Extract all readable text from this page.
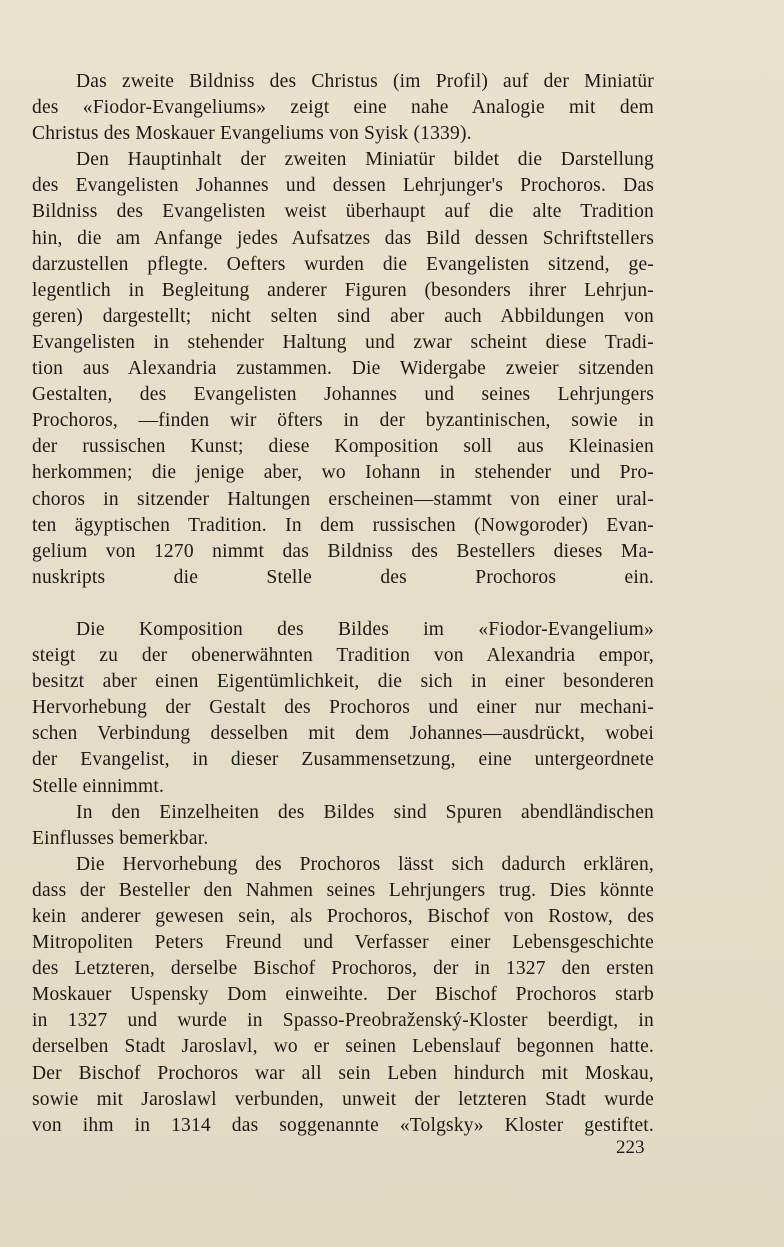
Das zweite Bildniss des Christus (im Profil) auf der Miniatür
des «Fiodor-Evangeliums» zeigt eine nahe Analogie mit dem
Christus des Moskauer Evangeliums von Syisk (1339).
Den Hauptinhalt der zweiten Miniatür bildet die Darstellung
des Evangelisten Johannes und dessen Lehrjunger's Prochoros. Das
Bildniss des Evangelisten weist überhaupt auf die alte Tradition
hin, die am Anfange jedes Aufsatzes das Bild dessen Schriftstellers
darzustellen pflegte. Oefters wurden die Evangelisten sitzend, ge-
legentlich in Begleitung anderer Figuren (besonders ihrer Lehrjun-
geren) dargestellt; nicht selten sind aber auch Abbildungen von
Evangelisten in stehender Haltung und zwar scheint diese Tradi-
tion aus Alexandria zustammen. Die Widergabe zweier sitzenden
Gestalten, des Evangelisten Johannes und seines Lehrjungers
Prochoros, —finden wir öfters in der byzantinischen, sowie in
der russischen Kunst; diese Komposition soll aus Kleinasien
herkommen; die jenige aber, wo Iohann in stehender und Pro-
choros in sitzender Haltungen erscheinen—stammt von einer ural-
ten ägyptischen Tradition. In dem russischen (Nowgoroder) Evan-
gelium von 1270 nimmt das Bildniss des Bestellers dieses Ma-
nuskripts die Stelle des Prochoros ein.
Die Komposition des Bildes im «Fiodor-Evangelium»
steigt zu der obenerwähnten Tradition von Alexandria empor,
besitzt aber einen Eigentümlichkeit, die sich in einer besonderen
Hervorhebung der Gestalt des Prochoros und einer nur mechani-
schen Verbindung desselben mit dem Johannes—ausdrückt, wobei
der Evangelist, in dieser Zusammensetzung, eine untergeordnete
Stelle einnimmt.
In den Einzelheiten des Bildes sind Spuren abendländischen
Einflusses bemerkbar.
Die Hervorhebung des Prochoros lässt sich dadurch erklären,
dass der Besteller den Nahmen seines Lehrjungers trug. Dies könnte
kein anderer gewesen sein, als Prochoros, Bischof von Rostow, des
Mitropoliten Peters Freund und Verfasser einer Lebensgeschichte
des Letzteren, derselbe Bischof Prochoros, der in 1327 den ersten
Moskauer Uspensky Dom einweihte. Der Bischof Prochoros starb
in 1327 und wurde in Spasso-Preobraženský-Kloster beerdigt, in
derselben Stadt Jaroslavl, wo er seinen Lebenslauf begonnen hatte.
Der Bischof Prochoros war all sein Leben hindurch mit Moskau,
sowie mit Jaroslawl verbunden, unweit der letzteren Stadt wurde
von ihm in 1314 das soggenannte «Tolgsky» Kloster gestiftet.
223
